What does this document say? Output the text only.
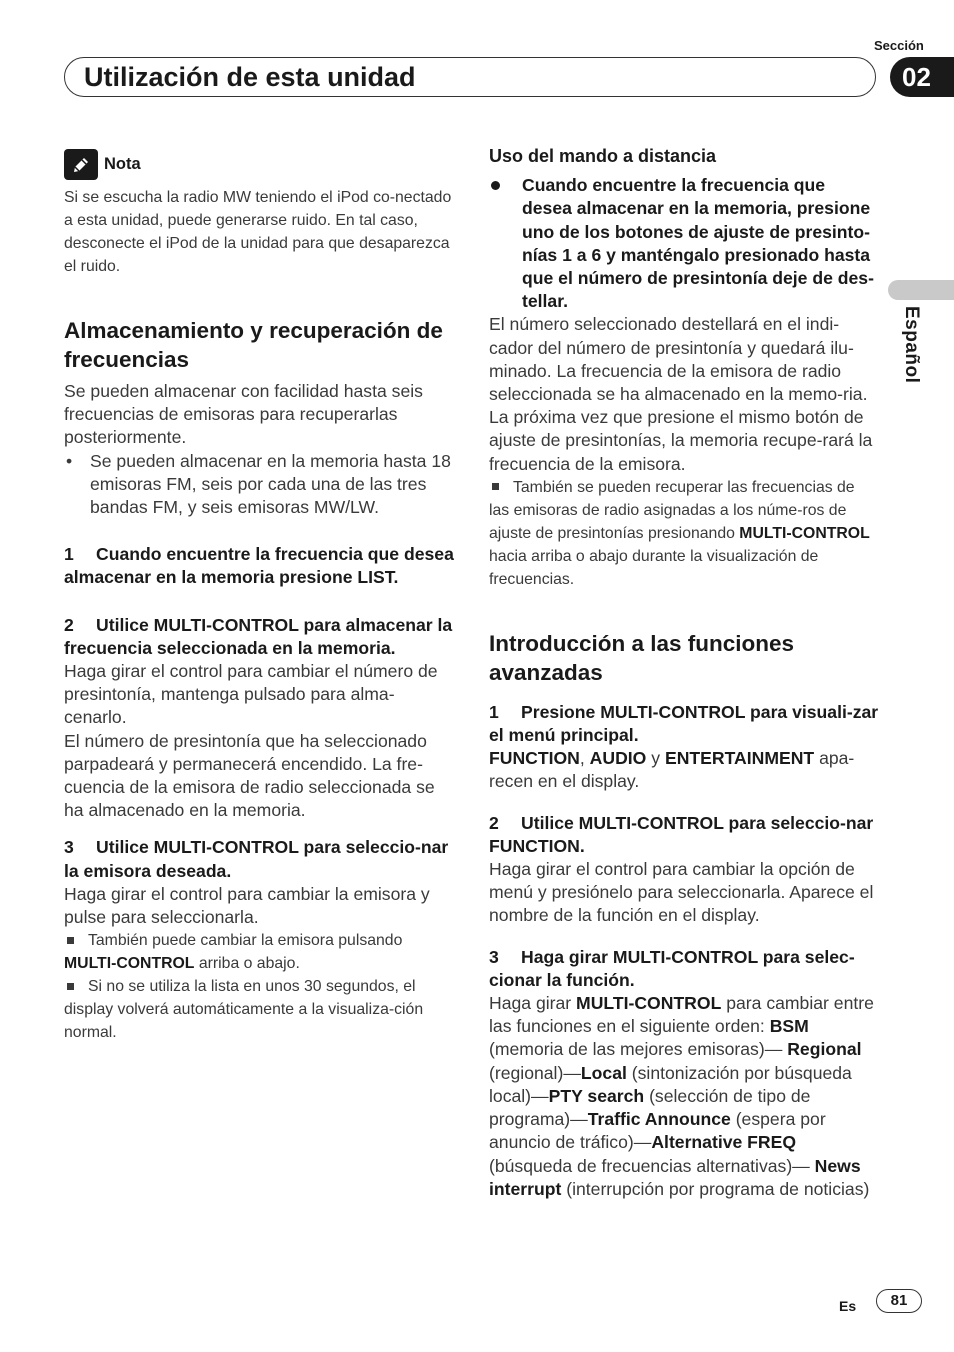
Sección
Utilización de esta unidad	02
Español
Nota

Si se escucha la radio MW teniendo el iPod co-nectado a esta unidad, puede generarse ruido. En tal caso, desconecte el iPod de la unidad para que desaparezca el ruido.

Almacenamiento y recuperación de frecuencias

Se pueden almacenar con facilidad hasta seis frecuencias de emisoras para recuperarlas posteriormente.

• Se pueden almacenar en la memoria hasta 18 emisoras FM, seis por cada una de las tres bandas FM, y seis emisoras MW/LW.
1 Cuando encuentre la frecuencia que desea almacenar en la memoria presione LIST.
2 Utilice MULTI-CONTROL para almacenar la frecuencia seleccionada en la memoria.

Haga girar el control para cambiar el número de presintonía, mantenga pulsado para alma-cenarlo.

El número de presintonía que ha seleccionado parpadeará y permanecerá encendido. La fre-cuencia de la emisora de radio seleccionada se ha almacenado en la memoria.

3 Utilice MULTI-CONTROL para seleccio-nar la emisora deseada.

Haga girar el control para cambiar la emisora y pulse para seleccionarla.

También puede cambiar la emisora pulsando MULTI-CONTROL arriba o abajo.

Si no se utiliza la lista en unos 30 segundos, el display volverá automáticamente a la visualiza-ción normal.

Uso del mando a distancia
Cuando encuentre la frecuencia que desea almacenar en la memoria, presione uno de los botones de ajuste de presinto-nías 1 a 6 y manténgalo presionado hasta que el número de presintonía deje de des-tellar.

El número seleccionado destellará en el indi-cador del número de presintonía y quedará ilu-minado. La frecuencia de la emisora de radio seleccionada se ha almacenado en la memo-ria.

La próxima vez que presione el mismo botón de ajuste de presintonías, la memoria recupe-rará la frecuencia de la emisora.

También se pueden recuperar las frecuencias de las emisoras de radio asignadas a los núme-ros de ajuste de presintonías presionando MULTI-CONTROL hacia arriba o abajo durante la visualización de frecuencias.

Introducción a las funciones avanzadas
1 Presione MULTI-CONTROL para visuali-zar el menú principal.

FUNCTION, AUDIO y ENTERTAINMENT apa-recen en el display.

2 Utilice MULTI-CONTROL para seleccio-nar FUNCTION.

Haga girar el control para cambiar la opción de menú y presiónelo para seleccionarla. Aparece el nombre de la función en el display.

3 Haga girar MULTI-CONTROL para selec-cionar la función.

Haga girar MULTI-CONTROL para cambiar entre las funciones en el siguiente orden: BSM (memoria de las mejores emisoras)— Regional (regional)—Local (sintonización por búsqueda local)—PTY search (selección de tipo de programa)—Traffic Announce (espera por anuncio de tráfico)—Alternative FREQ (búsqueda de frecuencias alternativas)— News interrupt (interrupción por programa de noticias)

Es	81
